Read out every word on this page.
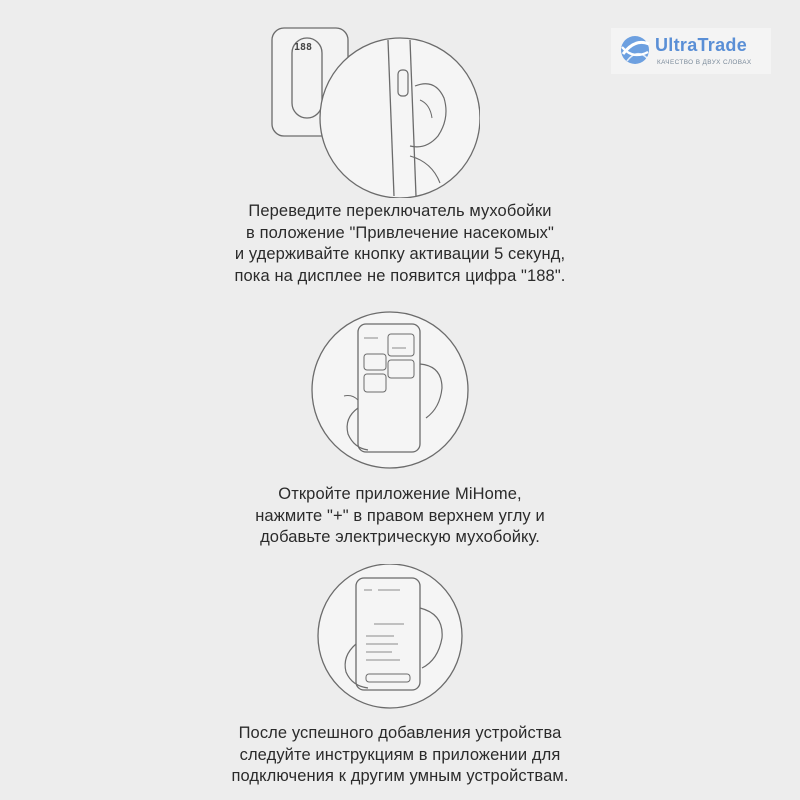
UltraTrade
КАЧЕСТВО В ДВУХ СЛОВАХ
188
Переведите переключатель мухобойки
в положение "Привлечение насекомых"
и удерживайте кнопку активации 5 секунд,
пока на дисплее не появится цифра "188".
Откройте приложение MiHome,
нажмите "+" в правом верхнем углу и
добавьте электрическую мухобойку.
После успешного добавления устройства
следуйте инструкциям в приложении для
подключения к другим умным устройствам.
